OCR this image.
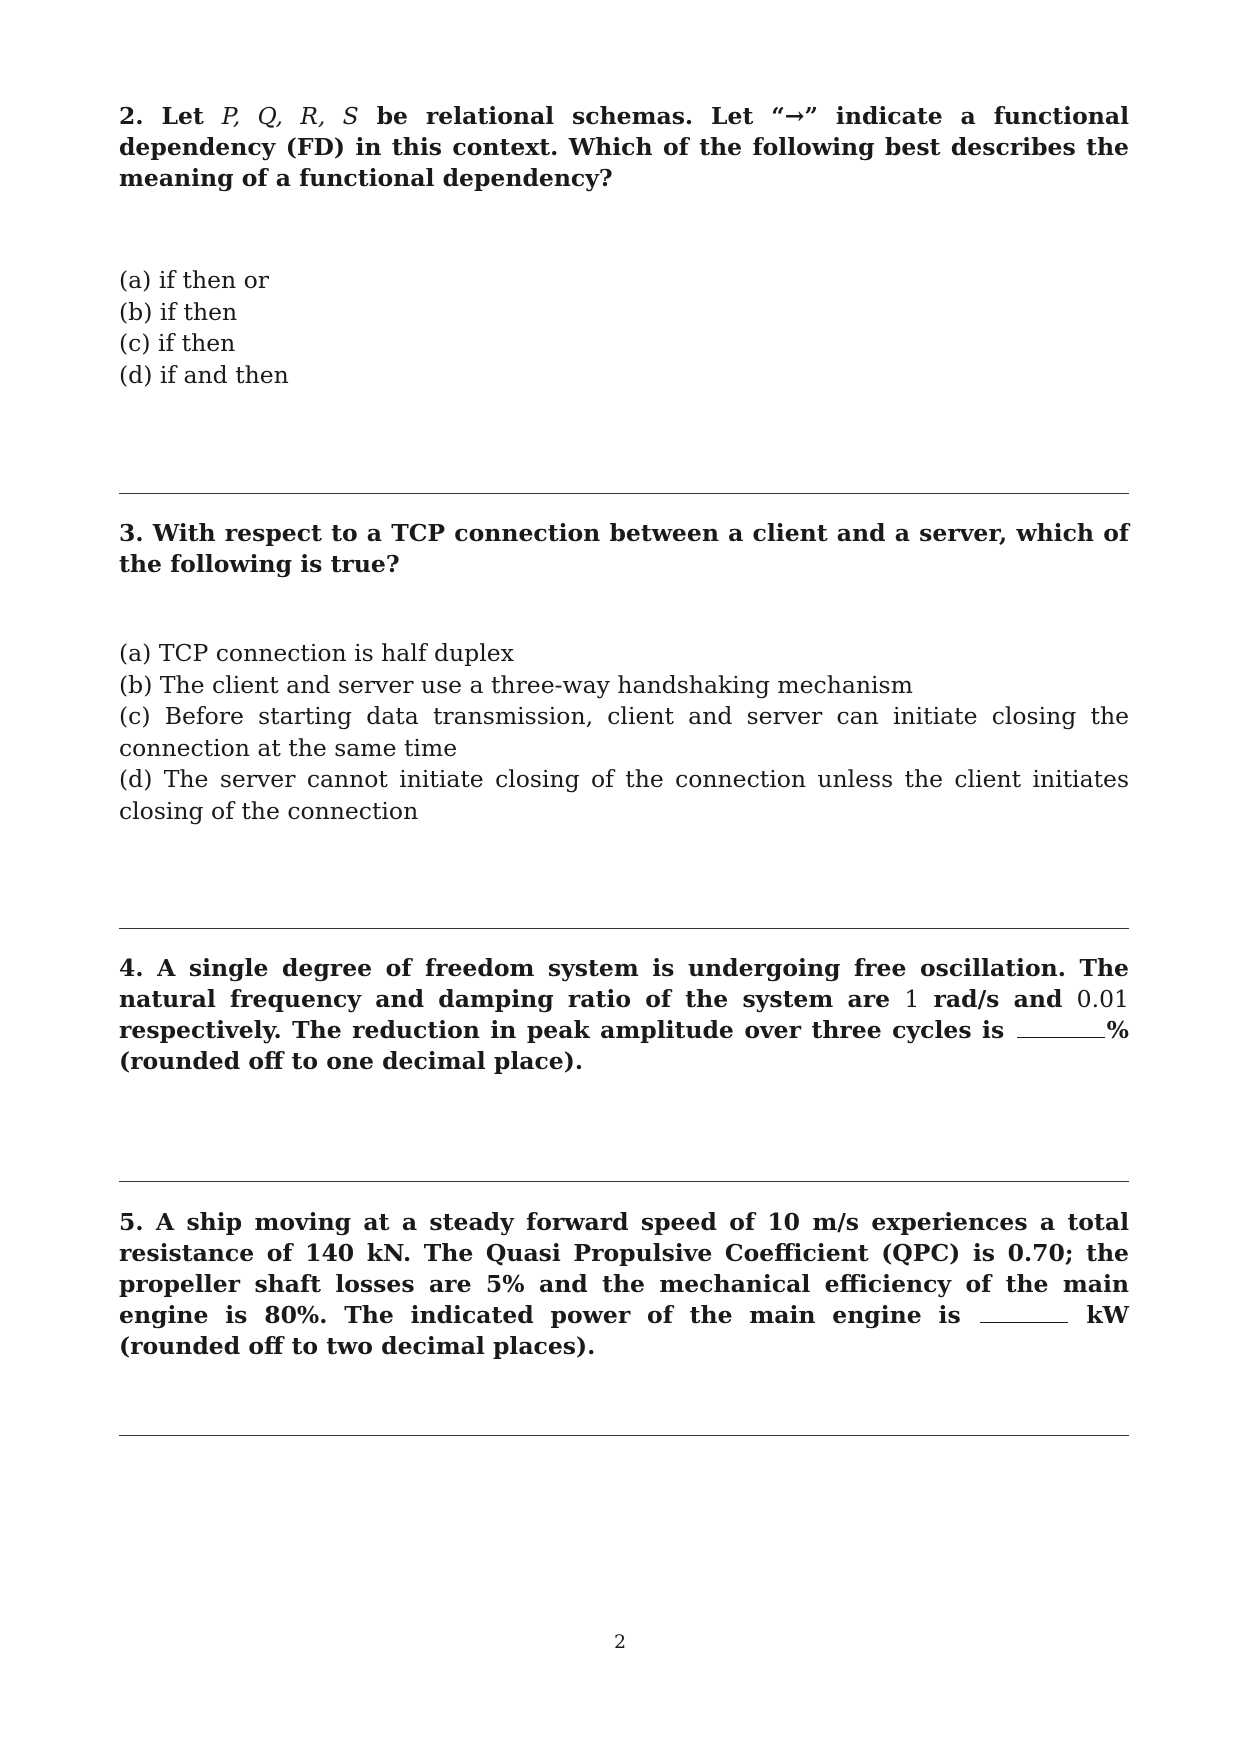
2. Let P, Q, R, S be relational schemas. Let “→” indicate a functional dependency (FD) in this context. Which of the following best describes the meaning of a functional dependency?

(a) if then or
(b) if then
(c) if then
(d) if and then

3. With respect to a TCP connection between a client and a server, which of the following is true?

(a) TCP connection is half duplex
(b) The client and server use a three-way handshaking mechanism
(c) Before starting data transmission, client and server can initiate closing the connection at the same time
(d) The server cannot initiate closing of the connection unless the client initiates closing of the connection

4. A single degree of freedom system is undergoing free oscillation. The natural frequency and damping ratio of the system are 1 rad/s and 0.01 respectively. The reduction in peak amplitude over three cycles is	% (rounded off to one decimal place).

5. A ship moving at a steady forward speed of 10 m/s experiences a total resistance of 140 kN. The Quasi Propulsive Coefficient (QPC) is 0.70; the propeller shaft losses are 5% and the mechanical efficiency of the main engine is 80%. The indicated power of the main engine is	kW (rounded off to two decimal places).

2
